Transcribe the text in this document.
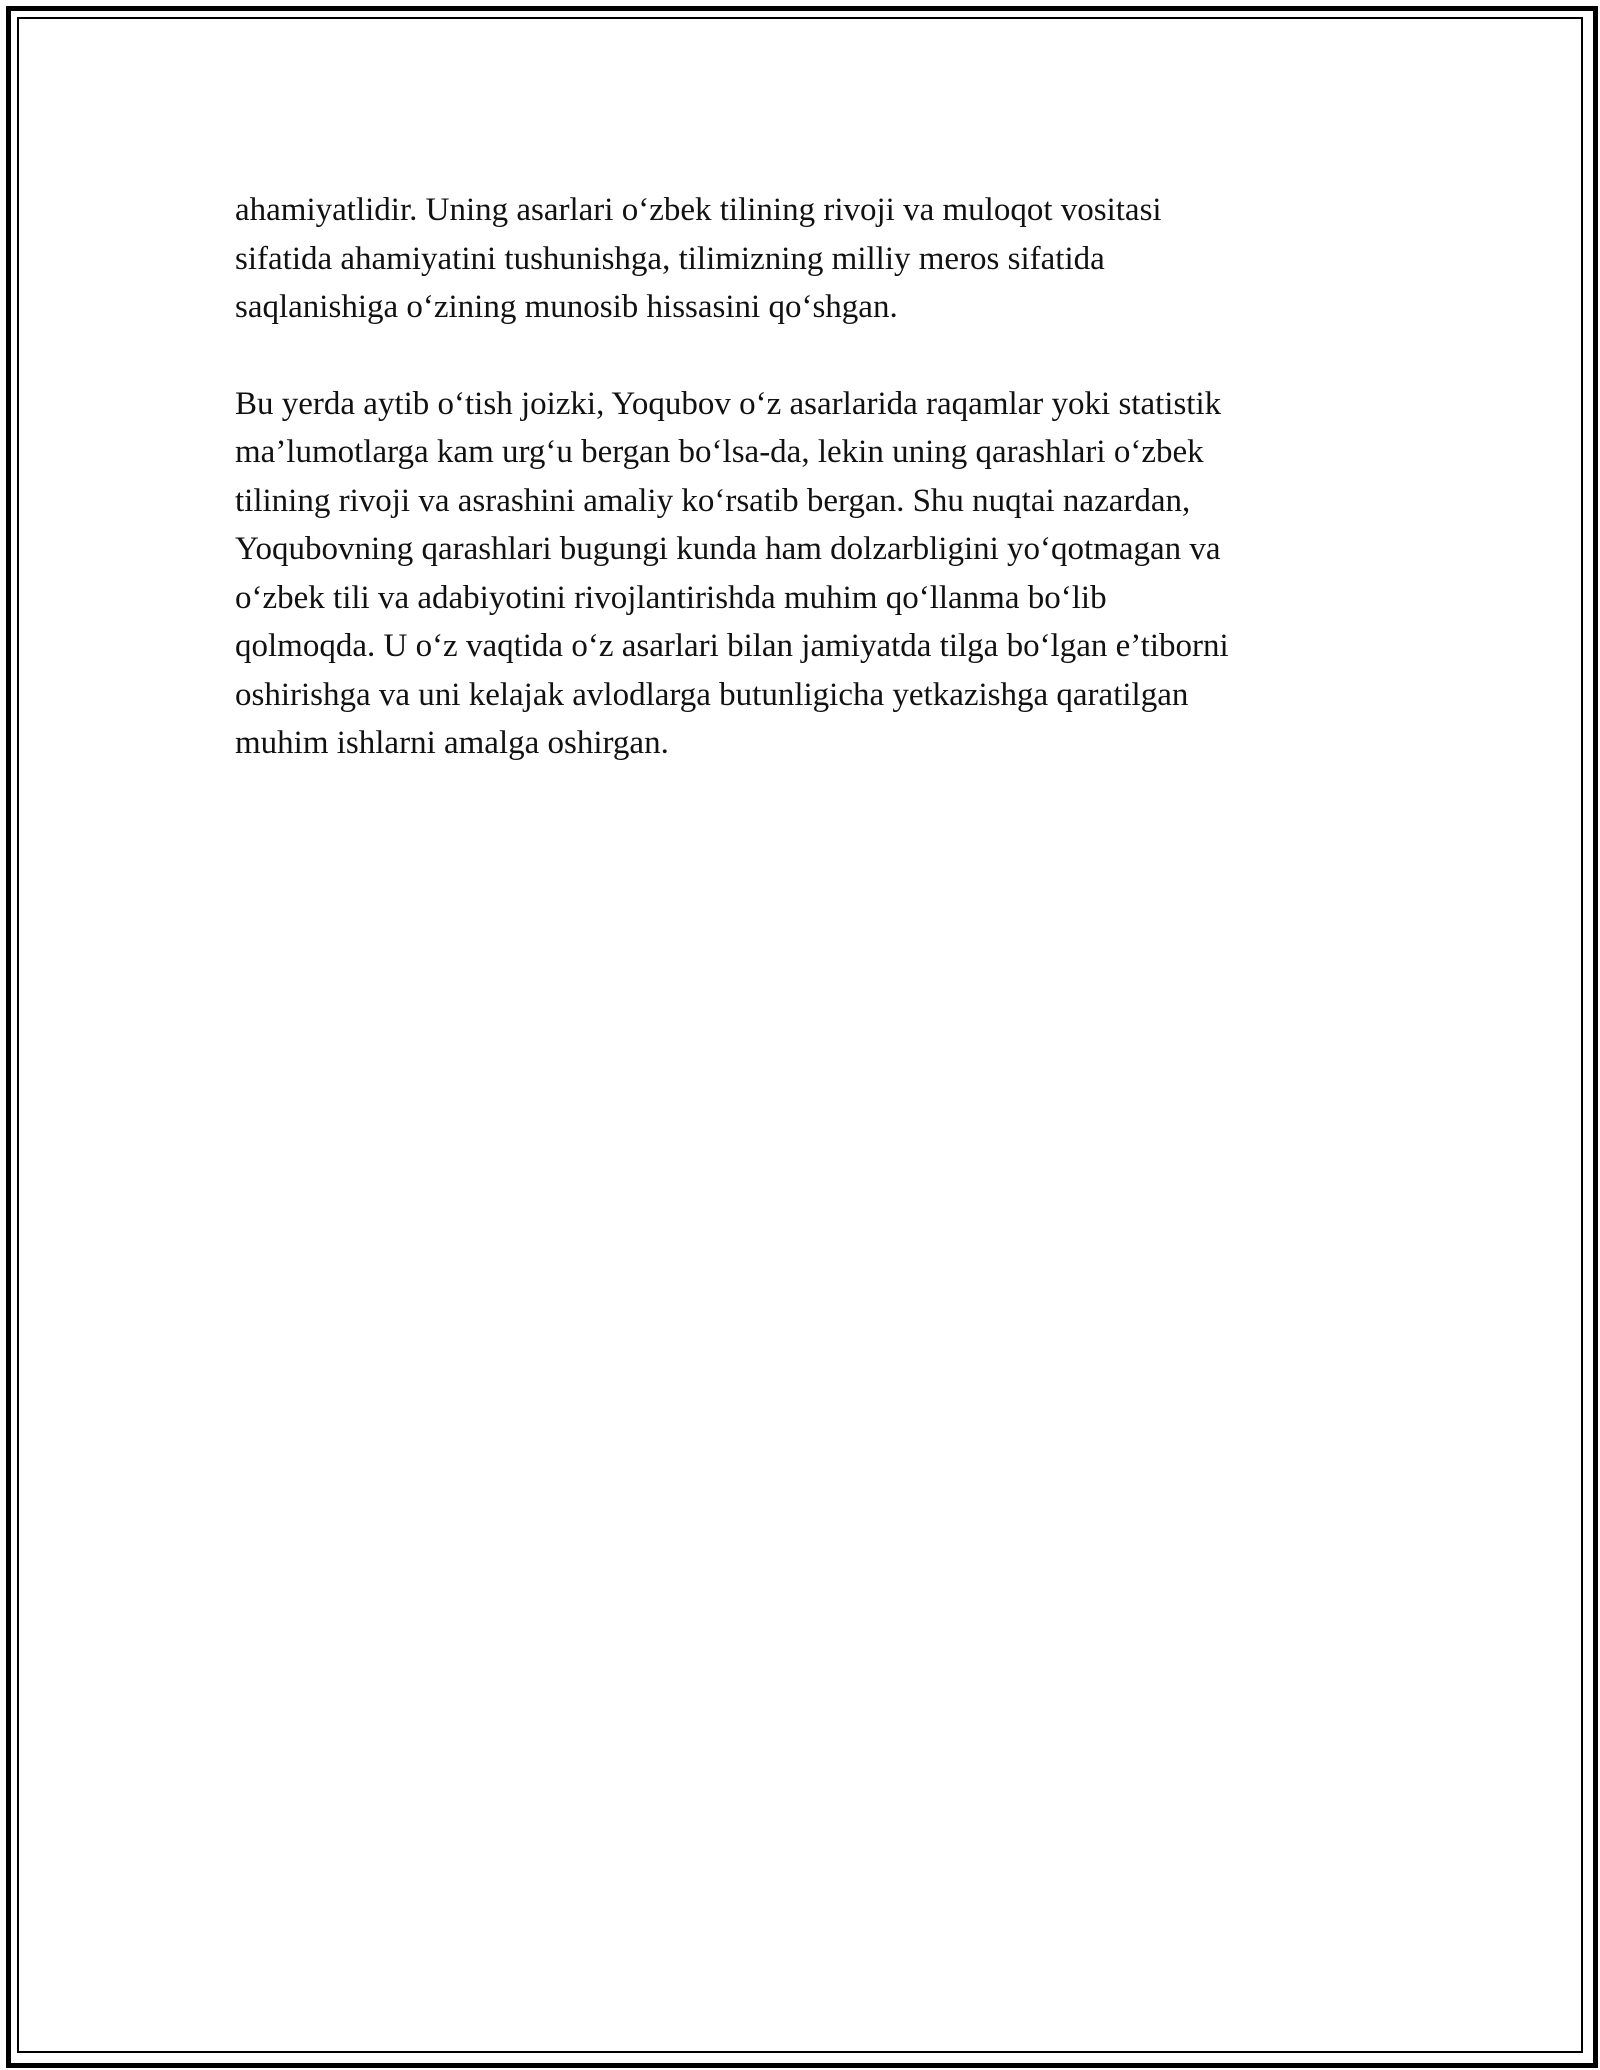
ahamiyatlidir. Uning asarlari o‘zbek tilining rivoji va muloqot vositasi
sifatida ahamiyatini tushunishga, tilimizning milliy meros sifatida
saqlanishiga o‘zining munosib hissasini qo‘shgan.

Bu yerda aytib o‘tish joizki, Yoqubov o‘z asarlarida raqamlar yoki statistik
ma’lumotlarga kam urg‘u bergan bo‘lsa-da, lekin uning qarashlari o‘zbek
tilining rivoji va asrashini amaliy ko‘rsatib bergan. Shu nuqtai nazardan,
Yoqubovning qarashlari bugungi kunda ham dolzarbligini yo‘qotmagan va
o‘zbek tili va adabiyotini rivojlantirishda muhim qo‘llanma bo‘lib
qolmoqda. U o‘z vaqtida o‘z asarlari bilan jamiyatda tilga bo‘lgan e’tiborni
oshirishga va uni kelajak avlodlarga butunligicha yetkazishga qaratilgan
muhim ishlarni amalga oshirgan.
